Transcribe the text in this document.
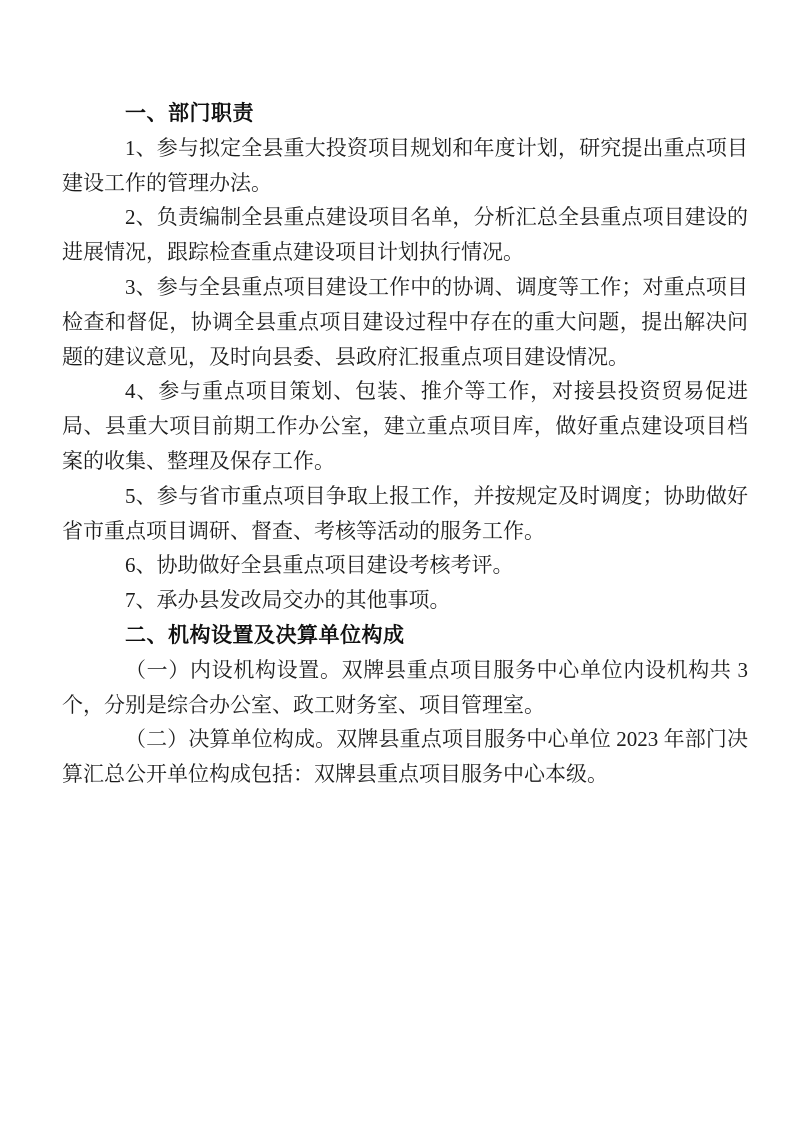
一、部门职责

1、参与拟定全县重大投资项目规划和年度计划，研究提出重点项目建设工作的管理办法。

2、负责编制全县重点建设项目名单，分析汇总全县重点项目建设的进展情况，跟踪检查重点建设项目计划执行情况。

3、参与全县重点项目建设工作中的协调、调度等工作；对重点项目检查和督促，协调全县重点项目建设过程中存在的重大问题，提出解决问题的建议意见，及时向县委、县政府汇报重点项目建设情况。

4、参与重点项目策划、包装、推介等工作，对接县投资贸易促进局、县重大项目前期工作办公室，建立重点项目库，做好重点建设项目档案的收集、整理及保存工作。

5、参与省市重点项目争取上报工作，并按规定及时调度；协助做好省市重点项目调研、督查、考核等活动的服务工作。

6、协助做好全县重点项目建设考核考评。

7、承办县发改局交办的其他事项。

二、机构设置及决算单位构成

（一）内设机构设置。双牌县重点项目服务中心单位内设机构共 3 个，分别是综合办公室、政工财务室、项目管理室。

（二）决算单位构成。双牌县重点项目服务中心单位 2023 年部门决算汇总公开单位构成包括：双牌县重点项目服务中心本级。
